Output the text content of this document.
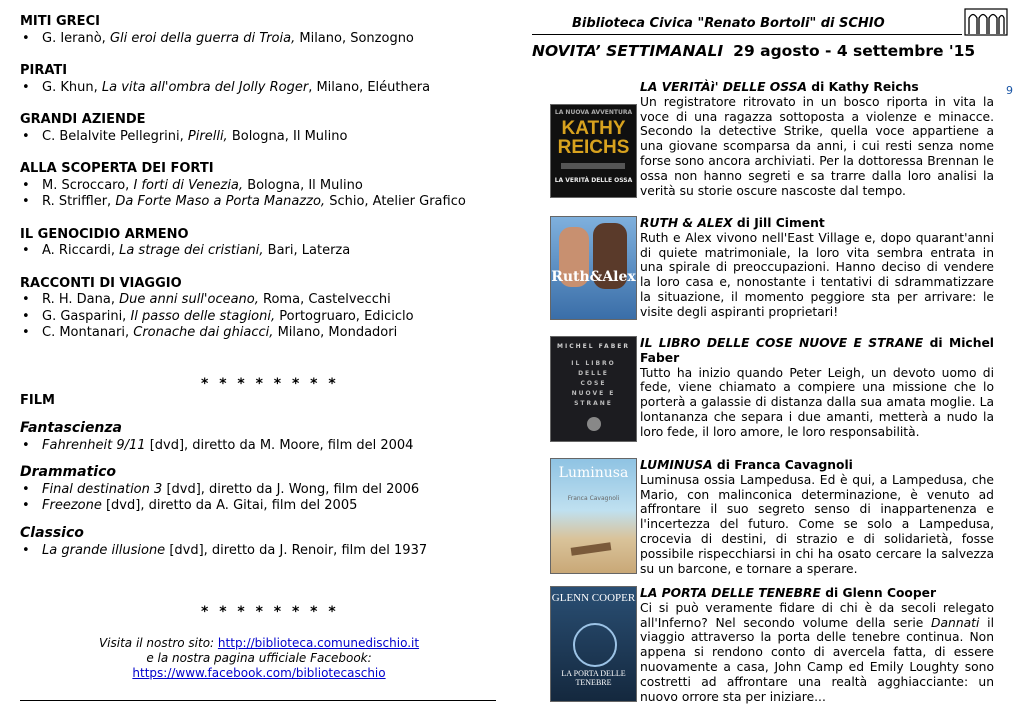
MITI GRECI
• G. Ieranò, Gli eroi della guerra di Troia, Milano, Sonzogno
PIRATI
• G. Khun, La vita all'ombra del Jolly Roger, Milano, Eléuthera
GRANDI AZIENDE
• C. Belalvite Pellegrini, Pirelli, Bologna, Il Mulino
ALLA SCOPERTA DEI FORTI
• M. Scroccaro, I forti di Venezia, Bologna, Il Mulino
• R. Striffler, Da Forte Maso a Porta Manazzo, Schio, Atelier Grafico
IL GENOCIDIO ARMENO
• A. Riccardi, La strage dei cristiani, Bari, Laterza
RACCONTI DI VIAGGIO
• R. H. Dana, Due anni sull'oceano, Roma, Castelvecchi
• G. Gasparini, Il passo delle stagioni, Portogruaro, Ediciclo
• C. Montanari, Cronache dai ghiacci, Milano, Mondadori
* * * * * * * *
FILM
Fantascienza
• Fahrenheit 9/11 [dvd], diretto da M. Moore, film del 2004
Drammatico
• Final destination 3 [dvd], diretto da J. Wong, film del 2006
• Freezone [dvd], diretto da A. Gitai, film del 2005
Classico
• La grande illusione [dvd], diretto da J. Renoir, film del 1937
* * * * * * * *
Visita il nostro sito: http://biblioteca.comunedischio.it
e la nostra pagina ufficiale Facebook:
https://www.facebook.com/bibliotecaschio
Biblioteca Civica "Renato Bortoli" di SCHIO
NOVITA’ SETTIMANALI 29 agosto - 4 settembre '15
9
LA NUOVA AVVENTURA
KATHY REICHS
LA VERITÀ DELLE OSSA
LA VERITÀì' DELLE OSSA di Kathy Reichs
Un registratore ritrovato in un bosco riporta in vita la voce di una ragazza sottoposta a violenze e minacce. Secondo la detective Strike, quella voce appartiene a una giovane scomparsa da anni, i cui resti senza nome forse sono ancora archiviati. Per la dottoressa Brennan le ossa non hanno segreti e sa trarre dalla loro analisi la verità su storie oscure nascoste dal tempo.
Ruth&Alex
RUTH & ALEX di Jill Ciment
Ruth e Alex vivono nell'East Village e, dopo quarant'anni di quiete matrimoniale, la loro vita sembra entrata in una spirale di preoccupazioni. Hanno deciso di vendere la loro casa e, nonostante i tentativi di sdrammatizzare la situazione, il momento peggiore sta per arrivare: le visite degli aspiranti proprietari!
MICHEL FABER
IL LIBRO DELLE COSE NUOVE E STRANE
IL LIBRO DELLE COSE NUOVE E STRANE di Michel Faber
Tutto ha inizio quando Peter Leigh, un devoto uomo di fede, viene chiamato a compiere una missione che lo porterà a galassie di distanza dalla sua amata moglie. La lontananza che separa i due amanti, metterà a nudo la loro fede, il loro amore, le loro responsabilità.
Luminusa
Franca Cavagnoli
LUMINUSA di Franca Cavagnoli
Luminusa ossia Lampedusa. Ed è qui, a Lampedusa, che Mario, con malinconica determinazione, è venuto ad affrontare il suo segreto senso di inappartenenza e l'incertezza del futuro. Come se solo a Lampedusa, crocevia di destini, di strazio e di solidarietà, fosse possibile rispecchiarsi in chi ha osato cercare la salvezza su un barcone, e tornare a sperare.
GLENN COOPER
LA PORTA DELLE TENEBRE
LA PORTA DELLE TENEBRE di Glenn Cooper
Ci si può veramente fidare di chi è da secoli relegato all'Inferno? Nel secondo volume della serie Dannati il viaggio attraverso la porta delle tenebre continua. Non appena si rendono conto di avercela fatta, di essere nuovamente a casa, John Camp ed Emily Loughty sono costretti ad affrontare una realtà agghiacciante: un nuovo orrore sta per iniziare...
